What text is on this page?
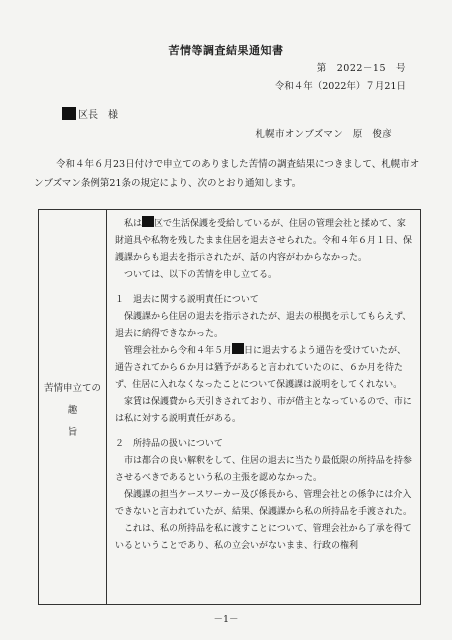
苦情等調査結果通知書
第　2022－15　号
令和４年（2022年）７月21日
区長　様
札幌市オンブズマン　原　俊彦
令和４年６月23日付けで申立てのありました苦情の調査結果につきまして、札幌市オンブズマン条例第21条の規定により、次のとおり通知します。
苦情申立ての
趣旨

私は 区で生活保護を受給しているが、住居の管理会社と揉めて、家財道具や私物を残したまま住居を退去させられた。令和４年６月１日、保護課からも退去を指示されたが、話の内容がわからなかった。

ついては、以下の苦情を申し立てる。

１　退去に関する説明責任について

保護課から住居の退去を指示されたが、退去の根拠を示してもらえず、退去に納得できなかった。

管理会社から令和４年５月 日に退去するよう通告を受けていたが、通告されてから６か月は猶予があると言われていたのに、６か月を待たず、住居に入れなくなったことについて保護課は説明をしてくれない。

家賃は保護費から天引きされており、市が借主となっているので、市には私に対する説明責任がある。

２　所持品の扱いについて

市は都合の良い解釈をして、住居の退去に当たり最低限の所持品を持参させるべきであるという私の主張を認めなかった。

保護課の担当ケースワーカー及び係長から、管理会社との係争には介入できないと言われていたが、結果、保護課から私の所持品を手渡された。

これは、私の所持品を私に渡すことについて、管理会社から了承を得ているということであり、私の立会いがないまま、行政の権利

－1－
